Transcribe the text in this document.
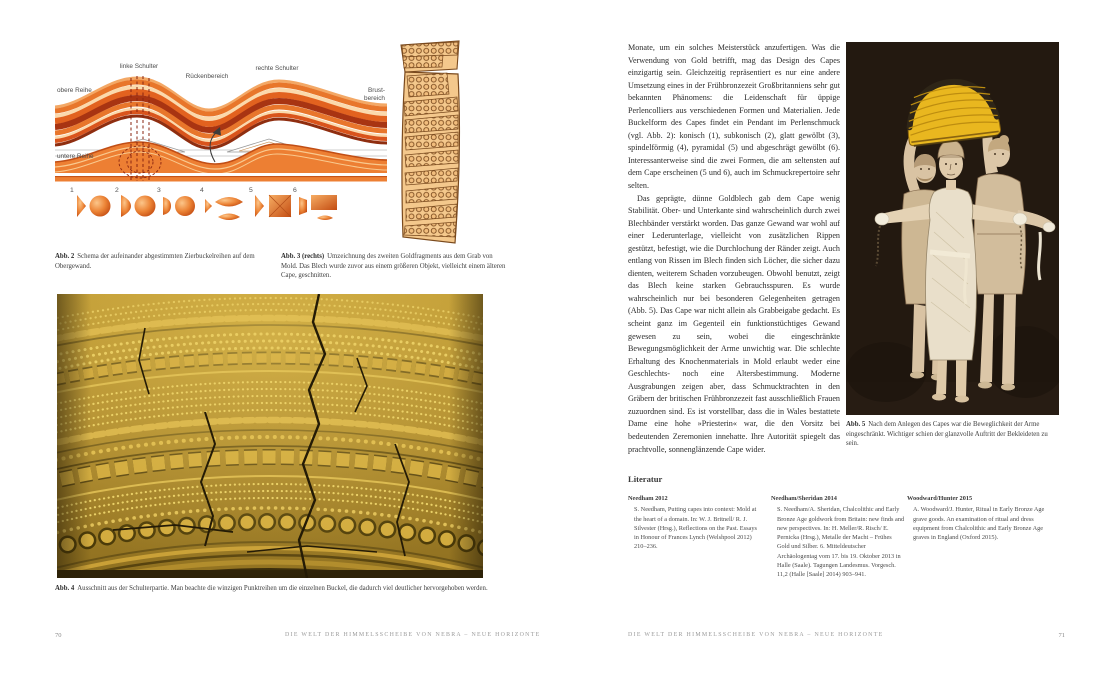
linke Schulter
Rückenbereich
rechte Schulter
obere Reihe
untere Reihe
Brust-
bereich
1	2	3	4	5	6
Abb. 2 Schema der aufeinander abgestimmten Zierbuckelreihen auf dem Obergewand.
Abb. 3 (rechts) Umzeichnung des zweiten Goldfragments aus dem Grab von Mold. Das Blech wurde zuvor aus einem größeren Objekt, vielleicht einem älteren Cape, geschnitten.
Abb. 4 Ausschnitt aus der Schulterpartie. Man beachte die winzigen Punktreihen um die einzelnen Buckel, die dadurch viel deutlicher hervorgehoben werden.
70	DIE WELT DER HIMMELSSCHEIBE VON NEBRA – NEUE HORIZONTE

Monate, um ein solches Meisterstück anzufertigen. Was die Verwendung von Gold betrifft, mag das Design des Capes einzigartig sein. Gleichzeitig repräsentiert es nur eine andere Umsetzung eines in der Frühbronzezeit Großbritanniens sehr gut bekannten Phänomens: die Leidenschaft für üppige Perlencolliers aus verschiedenen Formen und Materialien. Jede Buckelform des Capes findet ein Pendant im Perlenschmuck (vgl. Abb. 2): konisch (1), subkonisch (2), glatt gewölbt (3), spindelförmig (4), pyramidal (5) und abgeschrägt gewölbt (6). Interessanterweise sind die zwei Formen, die am seltensten auf dem Cape erscheinen (5 und 6), auch im Schmuckrepertoire sehr selten.

Das geprägte, dünne Goldblech gab dem Cape wenig Stabilität. Ober- und Unterkante sind wahrscheinlich durch zwei Blechbänder verstärkt worden. Das ganze Gewand war wohl auf einer Lederunterlage, vielleicht von zusätzlichen Rippen gestützt, befestigt, wie die Durchlochung der Ränder zeigt. Auch entlang von Rissen im Blech finden sich Löcher, die sicher dazu dienten, weiterem Schaden vorzubeugen. Obwohl benutzt, zeigt das Blech keine starken Gebrauchsspuren. Es wurde wahrscheinlich nur bei besonderen Gelegenheiten getragen (Abb. 5). Das Cape war nicht allein als Grabbeigabe gedacht. Es scheint ganz im Gegenteil ein funktionstüchtiges Gewand gewesen zu sein, wobei die eingeschränkte Bewegungsmöglichkeit der Arme unwichtig war. Die schlechte Erhaltung des Knochenmaterials in Mold erlaubt weder eine Geschlechts- noch eine Altersbestimmung. Moderne Ausgrabungen zeigen aber, dass Schmucktrachten in den Gräbern der britischen Frühbronzezeit fast ausschließlich Frauen zuzuordnen sind. Es ist vorstellbar, dass die in Wales bestattete Dame eine hohe »Priesterin« war, die den Vorsitz bei bedeutenden Zeremonien innehatte. Ihre Autorität spiegelt das prachtvolle, sonnenglänzende Cape wider.

Abb. 5 Nach dem Anlegen des Capes war die Beweglichkeit der Arme eingeschränkt. Wichtiger schien der glanzvolle Auftritt der Bekleideten zu sein.
Literatur
Needham 2012
S. Needham, Putting capes into context: Mold at the heart of a domain. In: W. J. Britnell/ R. J. Silvester (Hrsg.), Reflections on the Past. Essays in Honour of Frances Lynch (Welshpool 2012) 210–236.
Needham/Sheridan 2014
S. Needham/A. Sheridan, Chalcolithic and Early Bronze Age goldwork from Britain: new finds and new perspectives. In: H. Meller/R. Risch/ E. Pernicka (Hrsg.), Metalle der Macht – Frühes Gold und Silber. 6. Mitteldeutscher Archäologentag vom 17. bis 19. Oktober 2013 in Halle (Saale). Tagungen Landesmus. Vorgesch. 11,2 (Halle [Saale] 2014) 903–941.
Woodward/Hunter 2015
A. Woodward/J. Hunter, Ritual in Early Bronze Age grave goods. An examination of ritual and dress equipment from Chalcolithic and Early Bronze Age graves in England (Oxford 2015).
DIE WELT DER HIMMELSSCHEIBE VON NEBRA – NEUE HORIZONTE	71
